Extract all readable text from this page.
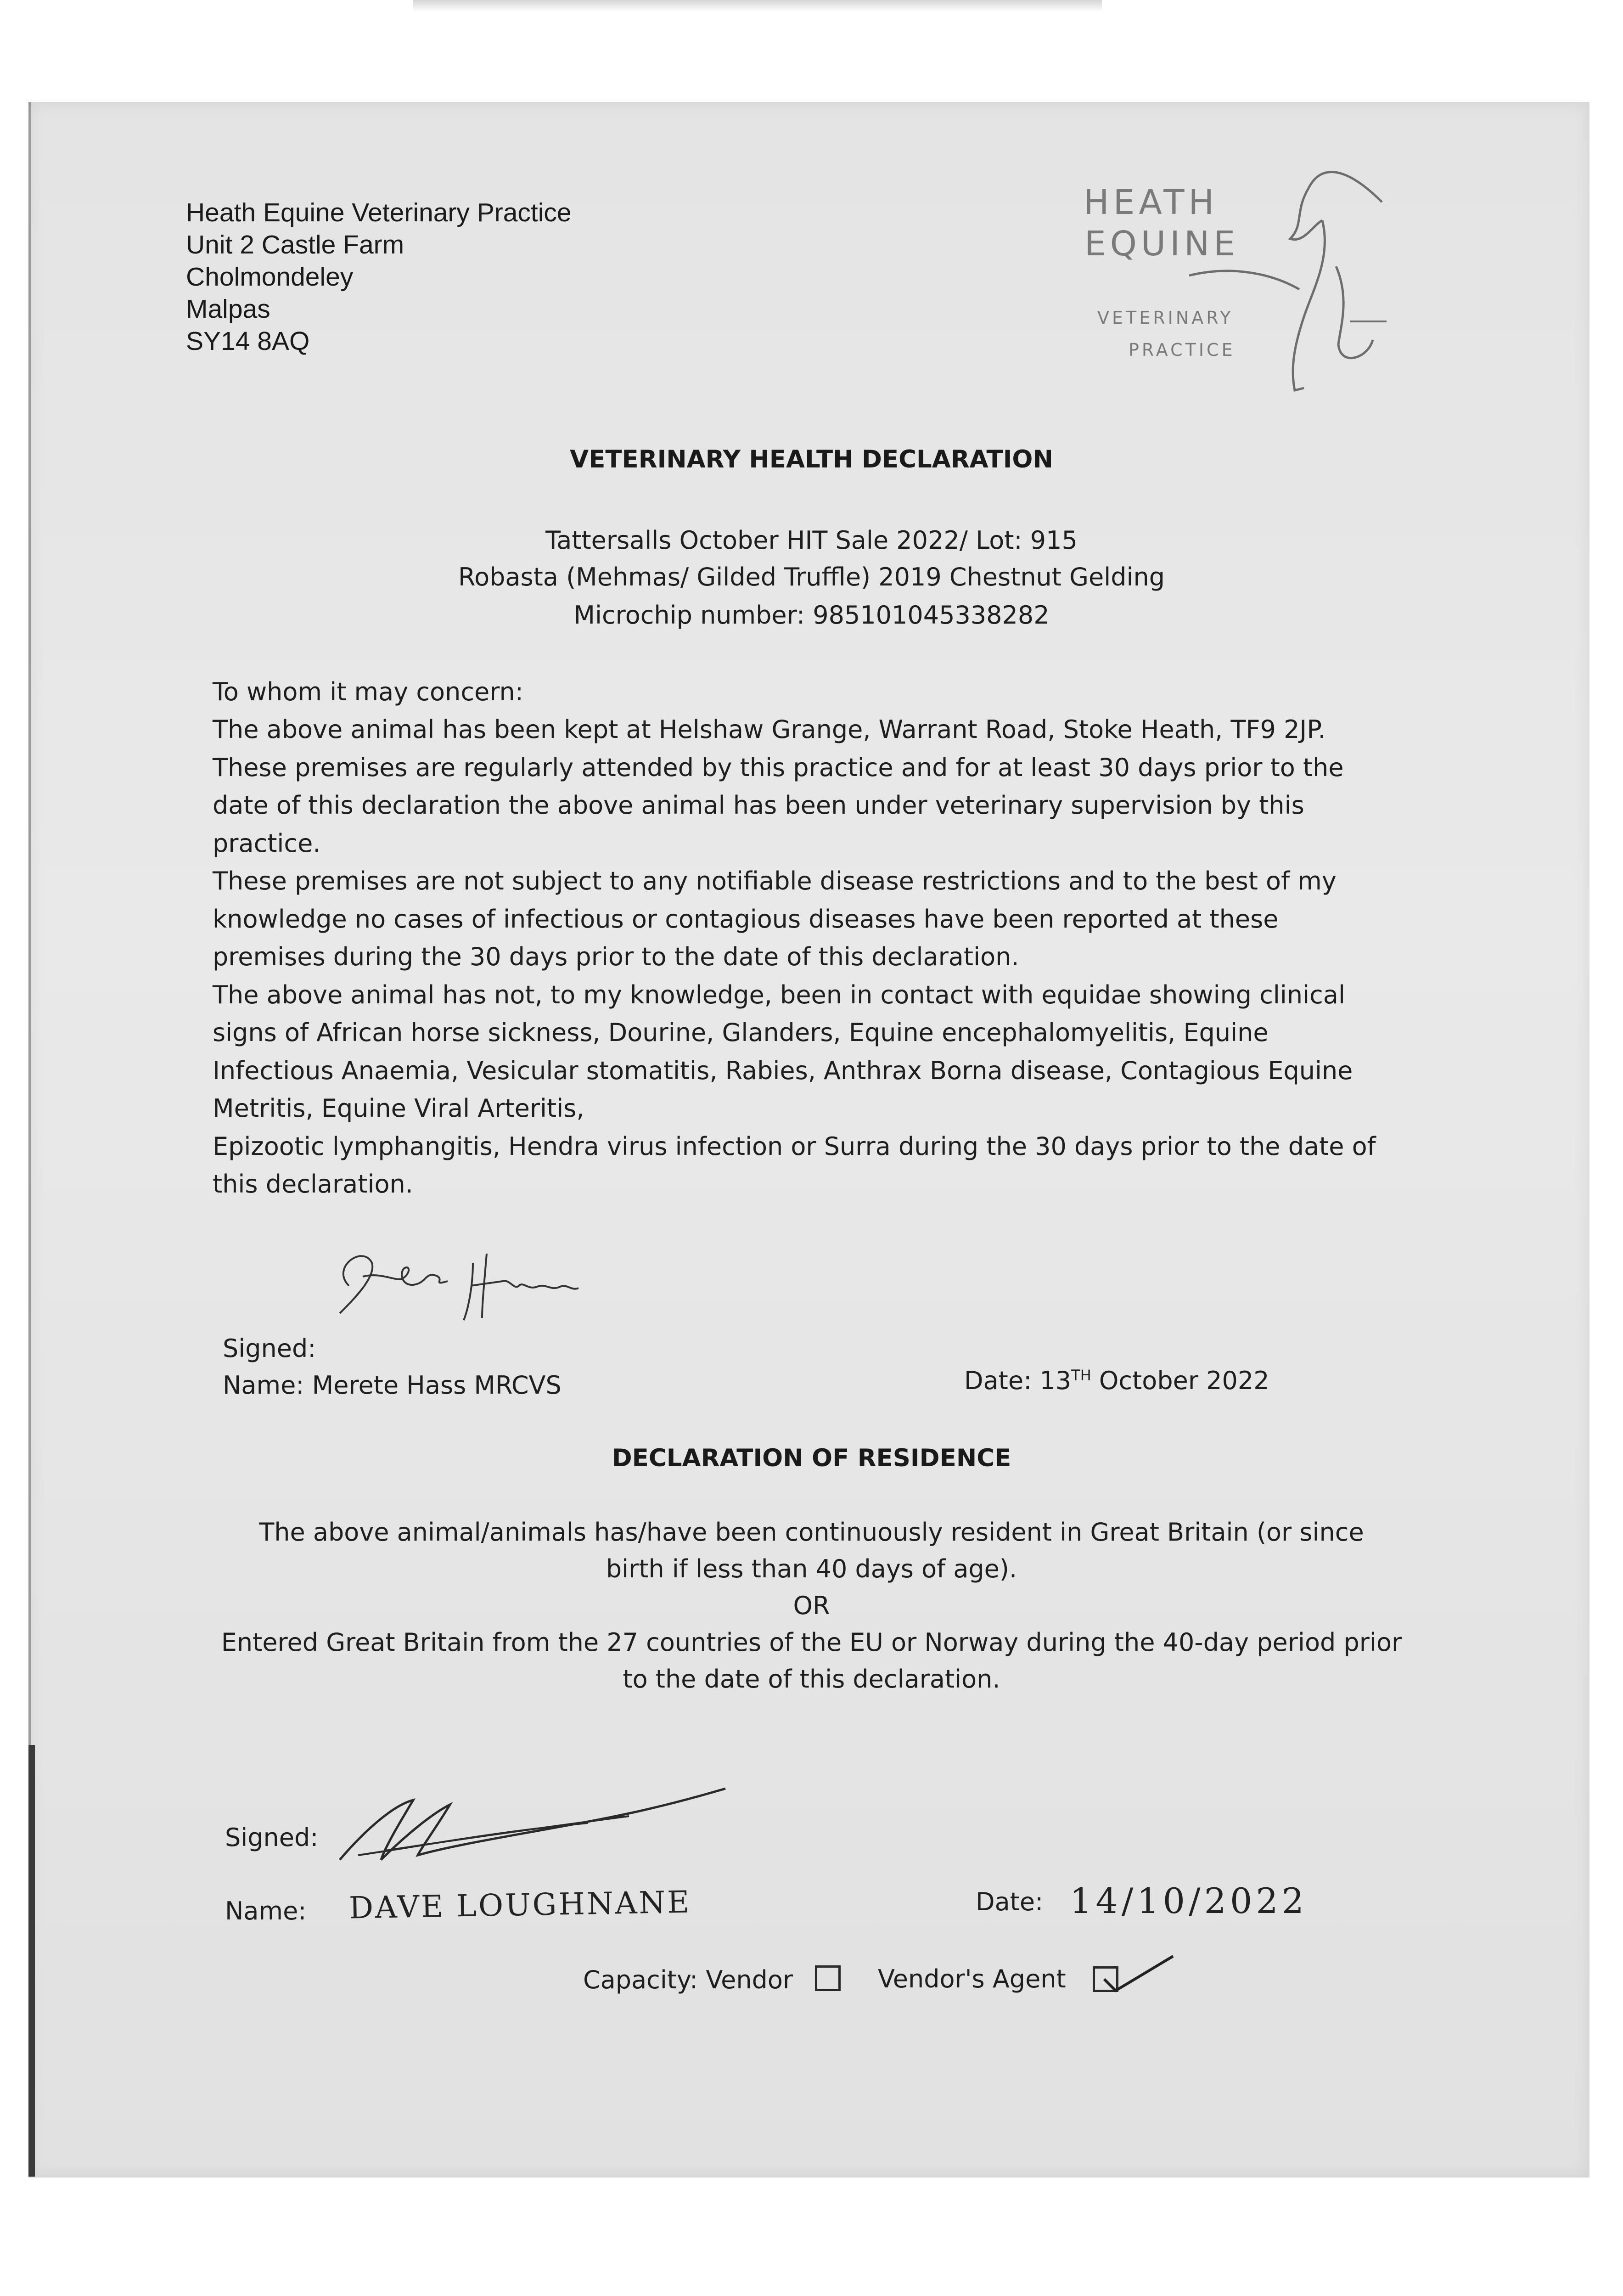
Heath Equine Veterinary Practice
Unit 2 Castle Farm
Cholmondeley
Malpas
SY14 8AQ
HEATH
EQUINE
VETERINARY
PRACTICE
VETERINARY HEALTH DECLARATION
Tattersalls October HIT Sale 2022/ Lot: 915
Robasta (Mehmas/ Gilded Truffle) 2019 Chestnut Gelding
Microchip number: 985101045338282
To whom it may concern:
The above animal has been kept at Helshaw Grange, Warrant Road, Stoke Heath, TF9 2JP.
These premises are regularly attended by this practice and for at least 30 days prior to the
date of this declaration the above animal has been under veterinary supervision by this
practice.
These premises are not subject to any notifiable disease restrictions and to the best of my
knowledge no cases of infectious or contagious diseases have been reported at these
premises during the 30 days prior to the date of this declaration.
The above animal has not, to my knowledge, been in contact with equidae showing clinical
signs of African horse sickness, Dourine, Glanders, Equine encephalomyelitis, Equine
Infectious Anaemia, Vesicular stomatitis, Rabies, Anthrax Borna disease, Contagious Equine
Metritis, Equine Viral Arteritis,
Epizootic lymphangitis, Hendra virus infection or Surra during the 30 days prior to the date of
this declaration.
Signed:
Name: Merete Hass MRCVS	Date: 13TH October 2022
DECLARATION OF RESIDENCE
The above animal/animals has/have been continuously resident in Great Britain (or since
birth if less than 40 days of age).
OR
Entered Great Britain from the 27 countries of the EU or Norway during the 40-day period prior
to the date of this declaration.
Signed:
Name: DAVE LOUGHNANE	Date: 14/10/2022
Capacity: Vendor	Vendor's Agent
